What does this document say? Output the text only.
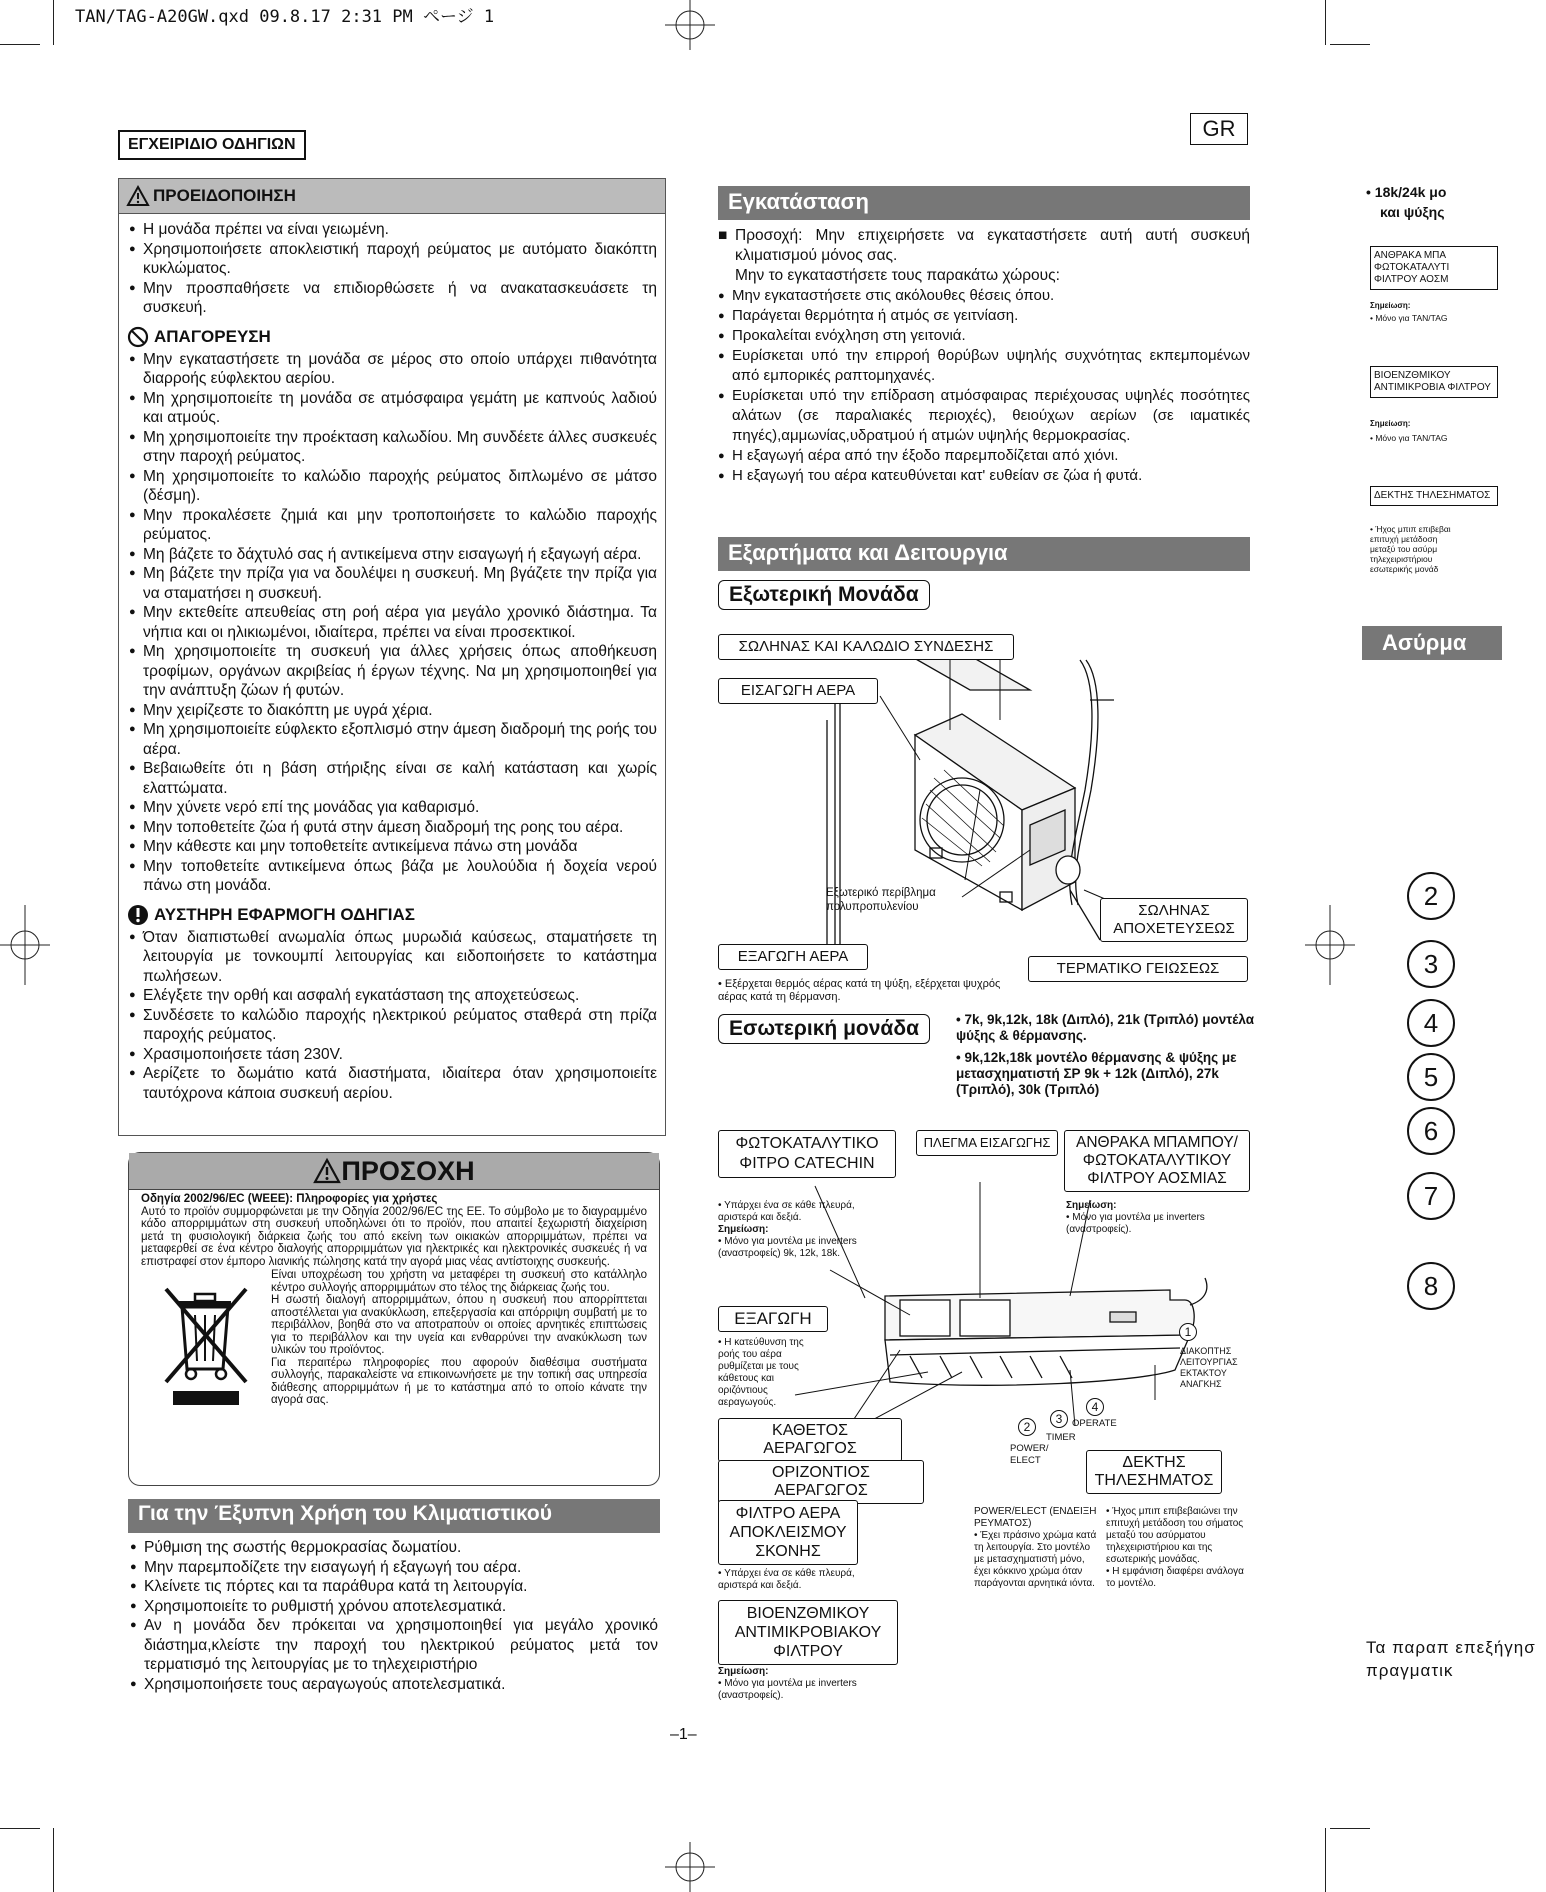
TAN/TAG-A20GW.qxd 09.8.17 2:31 PM ページ 1
GR
ΕΓΧΕΙΡΙΔΙΟ ΟΔΗΓΙΩΝ
ΠΡΟΕΙΔΟΠΟΙΗΣΗ
● Η μονάδα πρέπει να είναι γειωμένη.
● Χρησιμοποιήσετε αποκλειστική παροχή ρεύματος με αυτόματο διακόπτη κυκλώματος.
● Μην προσπαθήσετε να επιδιορθώσετε ή να ανακατασκευάσετε τη συσκευή.
ΑΠΑΓΟΡΕΥΣΗ
● Μην εγκαταστήσετε τη μονάδα σε μέρος στο οποίο υπάρχει πιθανότητα διαρροής εύφλεκτου αερίου.
● Μη χρησιμοποιείτε τη μονάδα σε ατμόσφαιρα γεμάτη με καπνούς λαδιού και ατμούς.
● Μη χρησιμοποιείτε την προέκταση καλωδίου. Μη συνδέετε άλλες συσκευές στην παροχή ρεύματος.
● Μη χρησιμοποιείτε το καλώδιο παροχής ρεύματος διπλωμένο σε μάτσο (δέσμη).
● Μην προκαλέσετε ζημιά και μην τροποποιήσετε το καλώδιο παροχής ρεύματος.
● Μη βάζετε το δάχτυλό σας ή αντικείμενα στην εισαγωγή ή εξαγωγή αέρα.
● Μη βάζετε την πρίζα για να δουλέψει η συσκευή. Μη βγάζετε την πρίζα για να σταματήσει η συσκευή.
● Μην εκτεθείτε απευθείας στη ροή αέρα για μεγάλο χρονικό διάστημα. Τα νήπια και οι ηλικιωμένοι, ιδιαίτερα, πρέπει να είναι προσεκτικοί.
● Μη χρησιμοποιείτε τη συσκευή για άλλες χρήσεις όπως αποθήκευση τροφίμων, οργάνων ακριβείας ή έργων τέχνης. Να μη χρησιμοποιηθεί για την ανάπτυξη ζώων ή φυτών.
● Μην χειρίζεστε το διακόπτη με υγρά χέρια.
● Μη χρησιμοποιείτε εύφλεκτο εξοπλισμό στην άμεση διαδρομή της ροής του αέρα.
● Βεβαιωθείτε ότι η βάση στήριξης είναι σε καλή κατάσταση και χωρίς ελαττώματα.
● Μην χύνετε νερό επί της μονάδας για καθαρισμό.
● Μην τοποθετείτε ζώα ή φυτά στην άμεση διαδρομή της ροης του αέρα.
● Μην κάθεστε και μην τοποθετείτε αντικείμενα πάνω στη μονάδα
● Μην τοποθετείτε αντικείμενα όπως βάζα με λουλούδια ή δοχεία νερού πάνω στη μονάδα.
ΑΥΣΤΗΡΗ ΕΦΑΡΜΟΓΗ ΟΔΗΓΙΑΣ
● Όταν διαπιστωθεί ανωμαλία όπως μυρωδιά καύσεως, σταματήσετε τη λειτουργία με τονκουμπί λειτουργίας και ειδοποιήσετε το κατάστημα πωλήσεων.
● Ελέγξετε την ορθή και ασφαλή εγκατάσταση της αποχετεύσεως.
● Συνδέσετε το καλώδιο παροχής ηλεκτρικού ρεύματος σταθερά στη πρίζα παροχής ρεύματος.
● Χρασιμοποιήσετε τάση 230V.
● Αερίζετε το δωμάτιο κατά διαστήματα, ιδιαίτερα όταν χρησιμοποιείτε ταυτόχρονα κάποια συσκευή αερίου.
ΠΡΟΣΟΧΗ
Οδηγία 2002/96/EC (WEEE): Πληροφορίες για χρήστες
Αυτό το προϊόν συμμορφώνεται με την Οδηγία 2002/96/EC της ΕΕ. Το σύμβολο με το διαγραμμένο κάδο απορριμμάτων στη συσκευή υποδηλώνει ότι το προϊόν, που απαιτεί ξεχωριστή διαχείριση μετά τη φυσιολογική διάρκεια ζωής του από εκείνη των οικιακών απορριμμάτων, πρέπει να μεταφερθεί σε ένα κέντρο διαλογής απορριμμάτων για ηλεκτρικές και ηλεκτρονικές συσκευές ή να επιστραφεί στον έμπορο λιανικής πώλησης κατά την αγορά μιας νέας αντίστοιχης συσκευής.
Είναι υποχρέωση του χρήστη να μεταφέρει τη συσκευή στο κατάλληλο κέντρο συλλογής απορριμμάτων στο τέλος της διάρκειας ζωής του.
Η σωστή διαλογή απορριμμάτων, όπου η συσκευή που απορρίπτεται αποστέλλεται για ανακύκλωση, επεξεργασία και απόρριψη συμβατή με το περιβάλλον, βοηθά στο να αποτραπούν οι οποίες αρνητικές επιπτώσεις για το περιβάλλον και την υγεία και ενθαρρύνει την ανακύκλωση των υλικών του προϊόντος.
Για περαιτέρω πληροφορίες που αφορούν διαθέσιμα συστήματα συλλογής, παρακαλείστε να επικοινωνήσετε με την τοπική σας υπηρεσία διάθεσης απορριμμάτων ή με το κατάστημα από το οποίο κάνατε την αγορά σας.
Για την Έξυπνη Χρήση του Κλιματιστικού
● Ρύθμιση της σωστής θερμοκρασίας δωματίου.
● Μην παρεμποδίζετε την εισαγωγή ή εξαγωγή του αέρα.
● Κλείνετε τις πόρτες και τα παράθυρα κατά τη λειτουργία.
● Χρησιμοποιείτε το ρυθμιστή χρόνου αποτελεσματικά.
● Αν η μονάδα δεν πρόκειται να χρησιμοποιηθεί για μεγάλο χρονικό διάστημα,κλείστε την παροχή του ηλεκτρικού ρεύματος μετά τον τερματισμό της λειτουργίας με το τηλεχειριστήριο
● Χρησιμοποιήσετε τους αεραγωγούς αποτελεσματικά.
Εγκατάσταση
■ Προσοχή: Μην επιχειρήσετε να εγκαταστήσετε αυτή αυτή συσκευή κλιματισμού μόνος σας.
Μην το εγκαταστήσετε τους παρακάτω χώρους:
● Μην εγκαταστήσετε στις ακόλουθες θέσεις όπου.
● Παράγεται θερμότητα ή ατμός σε γειτνίαση.
● Προκαλείται ενόχληση στη γειτονιά.
● Ευρίσκεται υπό την επιρροή θορύβων υψηλής συχνότητας εκπεμπομένων από εμπορικές ραπτομηχανές.
● Ευρίσκεται υπό την επίδραση ατμόσφαιρας περιέχουσας υψηλές ποσότητες αλάτων (σε παραλιακές περιοχές), θειούχων αερίων (σε ιαματικές πηγές),αμμωνίας,υδρατμού ή ατμών υψηλής θερμοκρασίας.
● Η εξαγωγή αέρα από την έξοδο παρεμποδίζεται από χιόνι.
● Η εξαγωγή του αέρα κατευθύνεται κατ' ευθείαν σε ζώα ή φυτά.
Εξαρτήματα και Δειτουργια
Εξωτερική Μονάδα
ΣΩΛΗΝΑΣ ΚΑΙ ΚΑΛΩΔΙΟ ΣΥΝΔΕΣΗΣ
ΕΙΣΑΓΩΓΗ ΑΕΡΑ
Εξωτερικό περίβλημα πολυπροπυλενίου	ΣΩΛΗΝΑΣ ΑΠΟΧΕΤΕΥΣΕΩΣ
ΕΞΑΓΩΓΗ ΑΕΡΑ
ΤΕΡΜΑΤΙΚΟ ΓΕΙΩΣΕΩΣ
• Εξέρχεται θερμός αέρας κατά τη ψύξη, εξέρχεται ψυχρός αέρας κατά τη θέρμανση.
Εσωτερική μονάδα	• 7k, 9k,12k, 18k (Διπλό), 21k (Τριπλό) μοντέλα ψύξης & θέρμανσης.
• 9k,12k,18k μοντέλο θέρμανσης & ψύξης με μετασχηματιστή ΣΡ 9k + 12k (Διπλό), 27k (Τριπλό), 30k (Τριπλό)
ΦΩΤΟΚΑΤΑΛΥΤΙΚΟ ΦΙΤΡΟ CATECHIN
• Υπάρχει ένα σε κάθε πλευρά, αριστερά και δεξιά.
Σημείωση:
• Μόνο για μοντέλα με inverters (αναστροφείς) 9k, 12k, 18k.
ΠΛΕΓΜΑ ΕΙΣΑΓΩΓΗΣ	ΑΝΘΡΑΚΑ ΜΠΑΜΠΟΥ/ ΦΩΤΟΚΑΤΑΛΥΤΙΚΟΥ ΦΙΛΤΡΟΥ ΑΟΣΜΙΑΣ
Σημείωση:
• Μόνο για μοντέλα με inverters (αναστροφείς).
ΕΞΑΓΩΓΗ
• Η κατεύθυνση της ροής του αέρα ρυθμίζεται με τους κάθετους και οριζόντιους αεραγωγούς.
1
ΔΙΑΚΟΠΤΗΣ ΛΕΙΤΟΥΡΓΙΑΣ ΕΚΤΑΚΤΟΥ ΑΝΑΓΚΗΣ
ΚΑΘΕΤΟΣ ΑΕΡΑΓΩΓΟΣ
ΟΡΙΖΟΝΤΙΟΣ ΑΕΡΑΓΩΓΟΣ
2
3
4
POWER/ ELECT
TIMER
OPERATE
ΔΕΚΤΗΣ ΤΗΛΕΣΗΜΑΤΟΣ
ΦΙΛΤΡΟ ΑΕΡΑ ΑΠΟΚΛΕΙΣΜΟΥ ΣΚΟΝΗΣ
• Υπάρχει ένα σε κάθε πλευρά, αριστερά και δεξιά.
POWER/ELECT (ΕΝΔΕΙΞΗ ΡΕΥΜΑΤΟΣ)
• Έχει πράσινο χρώμα κατά τη λειτουργία. Στο μοντέλο με μετασχηματιστή μόνο, έχει κόκκινο χρώμα όταν παράγονται αρνητικά ιόντα.
• Ήχος μπιπ επιβεβαιώνει την επιτυχή μετάδοση του σήματος μεταξύ του ασύρματου τηλεχειριστήριου και της εσωτερικής μονάδας.
• Η εμφάνιση διαφέρει ανάλογα το μοντέλο.
ΒΙΟΕΝΖΘΜΙΚΟΥ ΑΝΤΙΜΙΚΡΟΒΙΑΚΟΥ ΦΙΛΤΡΟΥ
Σημείωση:
• Μόνο για μοντέλα με inverters (αναστροφείς).
• 18k/24k μο
και ψύξης
ΑΝΘΡΑΚΑ ΜΠΑ ΦΩΤΟΚΑΤΑΛΥΤΙ ΦΙΛΤΡΟΥ ΑΟΣΜ
Σημείωση:
• Μόνο για TAN/TAG
ΒΙΟΕΝΖΘΜΙΚΟΥ ΑΝΤΙΜΙΚΡΟΒΙΑ ΦΙΛΤΡΟΥ
Σημείωση:
• Μόνο για TAN/TAG
ΔΕΚΤΗΣ ΤΗΛΕΣΗΜΑΤΟΣ
• Ήχος μπιπ επιβεβαι επιτυχή μετάδοση μεταξύ του ασύρμ τηλεχειριστήριου εσωτερικής μονάδ
Ασύρμα
2
3
4
5
6
7
8
Τα παραπ επεξήγησ πραγματικ
–1–
